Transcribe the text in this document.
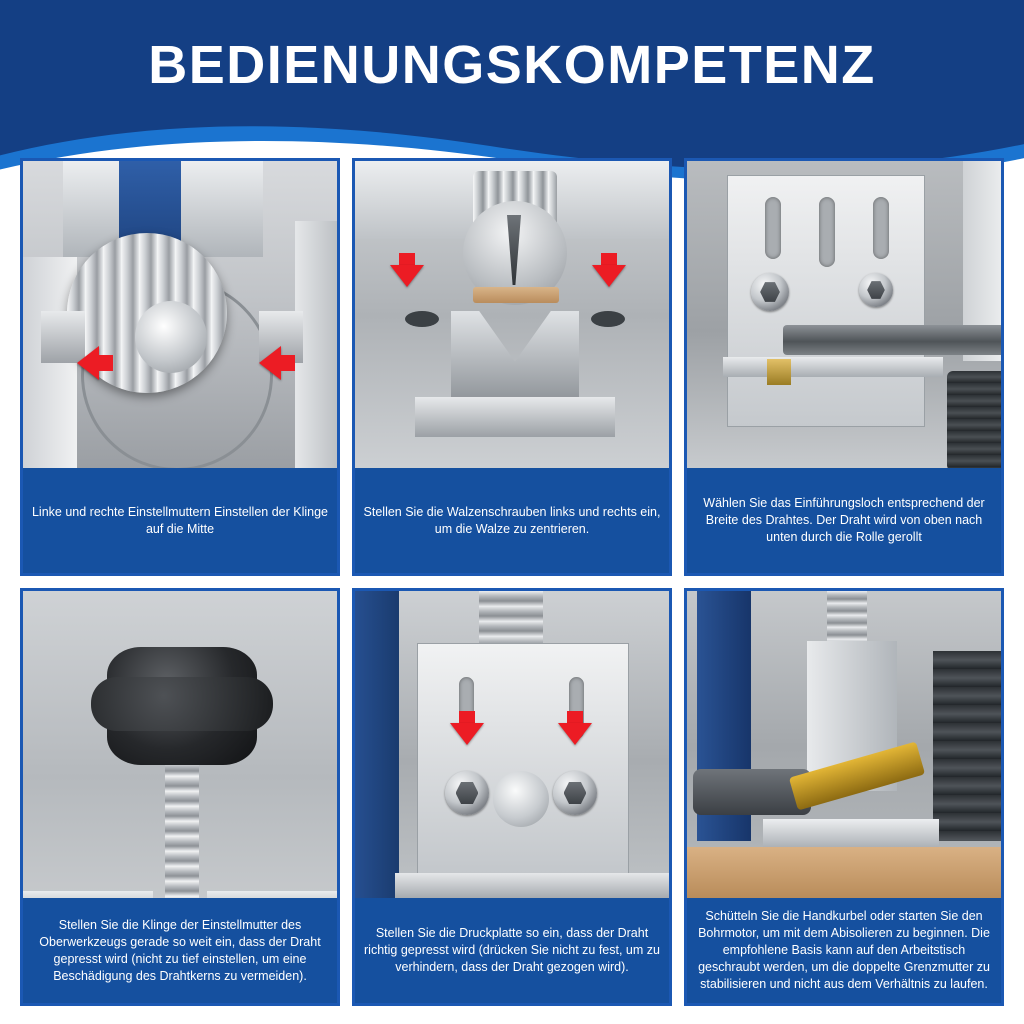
BEDIENUNGSKOMPETENZ
Linke und rechte Einstellmuttern Einstellen der Klinge auf die Mitte
Stellen Sie die Walzenschrauben links und rechts ein, um die Walze zu zentrieren.
Wählen Sie das Einführungsloch entsprechend der Breite des Drahtes. Der Draht wird von oben nach unten durch die Rolle gerollt
Stellen Sie die Klinge der Einstellmutter des Oberwerkzeugs gerade so weit ein, dass der Draht gepresst wird (nicht zu tief einstellen, um eine Beschädigung des Drahtkerns zu vermeiden).
Stellen Sie die Druckplatte so ein, dass der Draht richtig gepresst wird (drücken Sie nicht zu fest, um zu verhindern, dass der Draht gezogen wird).
Schütteln Sie die Handkurbel oder starten Sie den Bohrmotor, um mit dem Abisolieren zu beginnen. Die empfohlene Basis kann auf den Arbeitstisch geschraubt werden, um die doppelte Grenzmutter zu stabilisieren und nicht aus dem Verhältnis zu laufen.
